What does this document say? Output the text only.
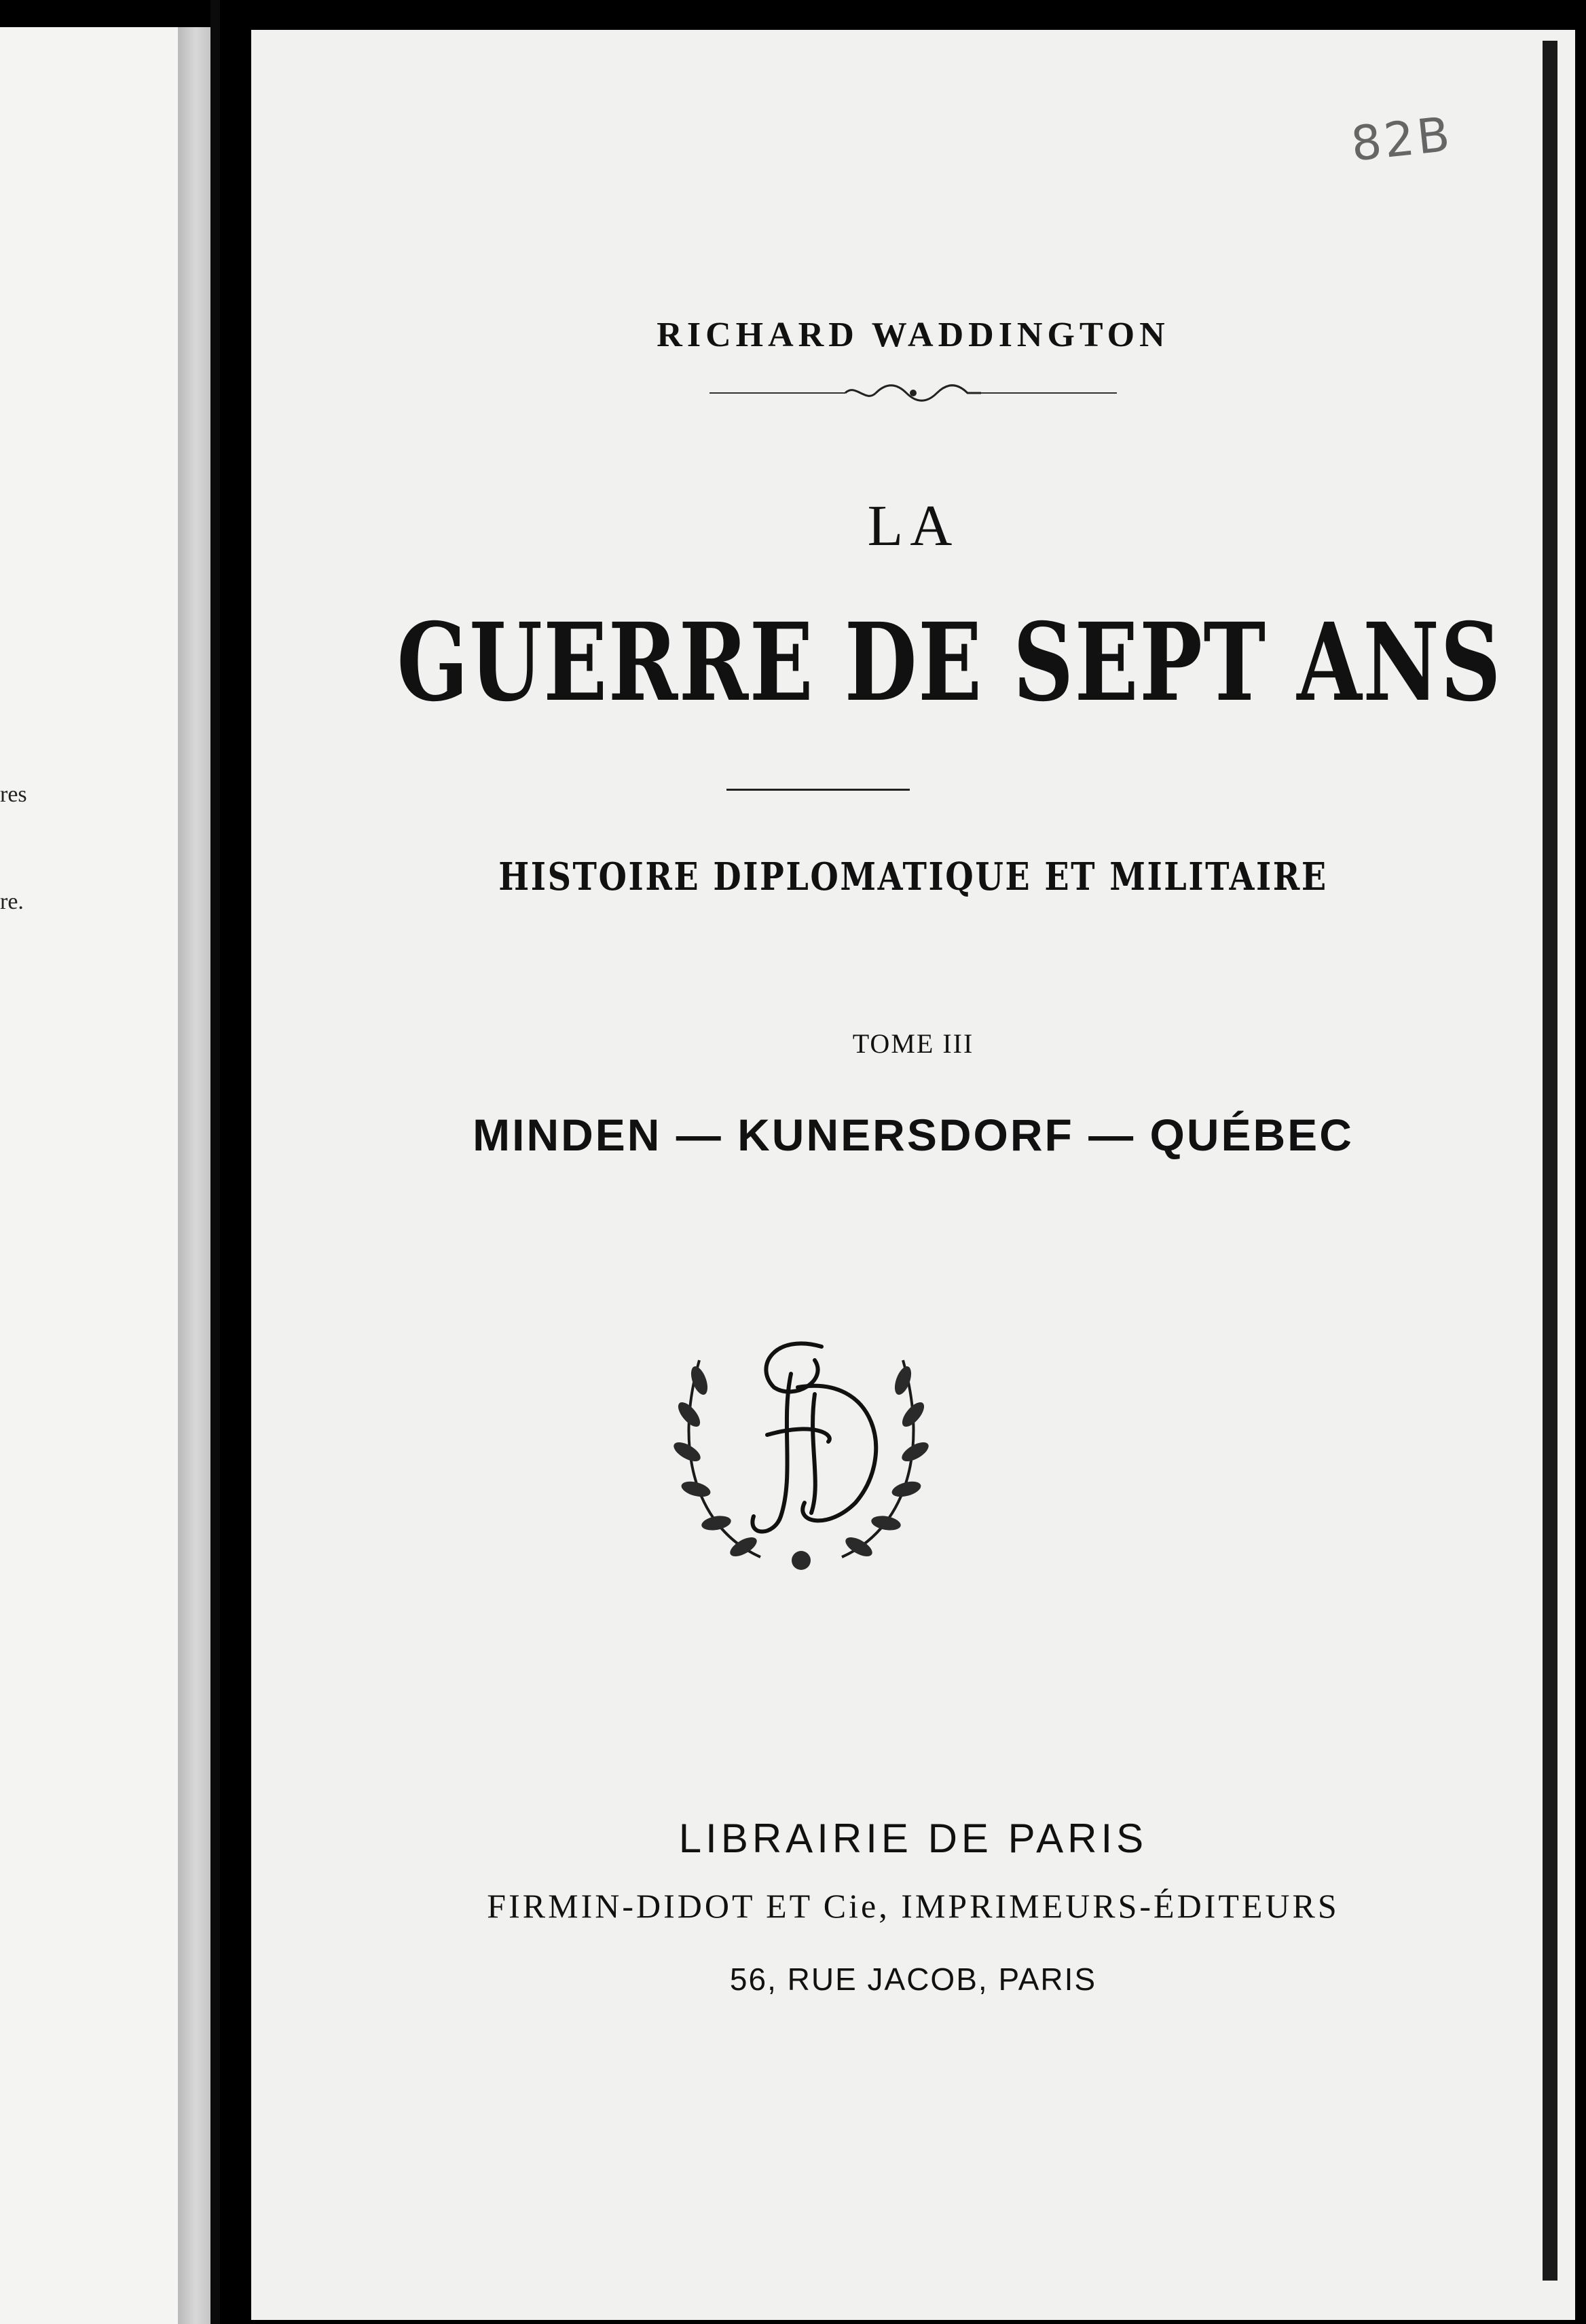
res
re.
82B
RICHARD WADDINGTON
LA
GUERRE DE SEPT ANS
HISTOIRE DIPLOMATIQUE ET MILITAIRE
TOME III
MINDEN — KUNERSDORF — QUÉBEC
LIBRAIRIE DE PARIS
FIRMIN-DIDOT ET Cie, IMPRIMEURS-ÉDITEURS
56, RUE JACOB, PARIS
